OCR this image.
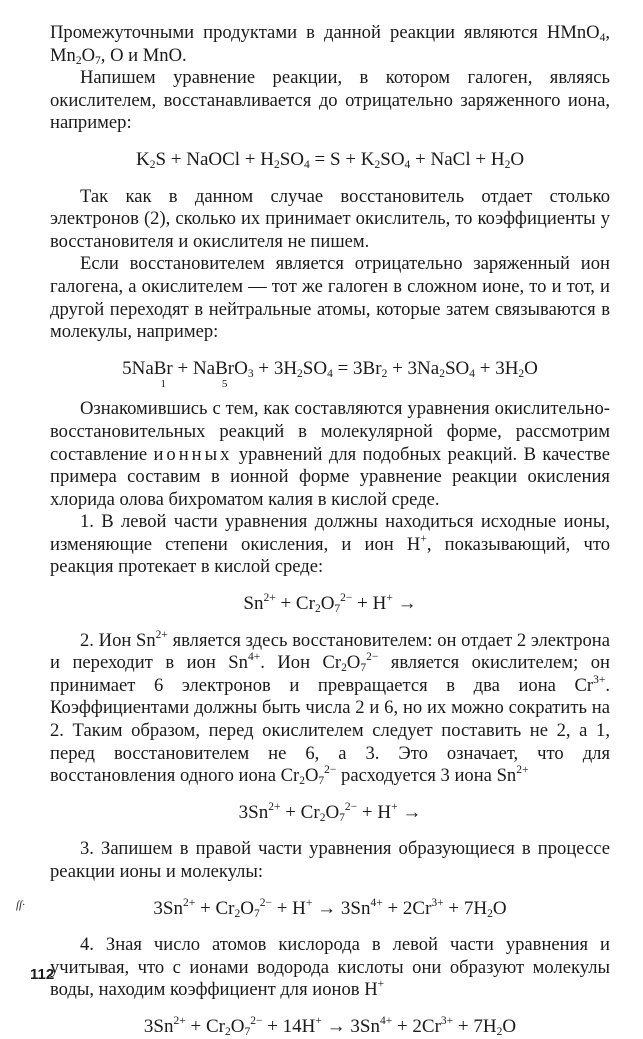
Промежуточными продуктами в данной реакции являются HMnO$_4$, $Mn_2O_7$, O и MnO.

Напишем уравнение реакции, в котором галоген, являясь окислителем, восстанавливается до отрицательно заряженного иона, например:

$K_2S$ + NaOCl + $H_2SO_4 = S + K_2SO_4$ + NaCl + $H_2O$

Так как в данном случае восстановитель отдает столько электронов (2), сколько их принимает окислитель, то коэффициенты у восстановителя и окислителя не пишем.

Если восстановителем является отрицательно заряженный ион галогена, а окислителем — тот же галоген в сложном ионе, то и тот, и другой переходят в нейтральные атомы, которые затем связываются в молекулы, например:

5NaBr
1
+ NaBr
5
$O_3 + 3H_2SO_4 = 3Br_2 + 3Na_2SO_4 + 3H_2O$

Ознакомившись с тем, как составляются уравнения окислительно-восстановительных реакций в молекулярной форме, рассмотрим составление ионных уравнений для подобных реакций. В качестве примера составим в ионной форме уравнение реакции окисления хлорида олова бихроматом калия в кислой среде.

1. В левой части уравнения должны находиться исходные ионы, изменяющие степени окисления, и ион H+, показывающий, что реакция протекает в кислой среде:

$Sn^{2+} + Cr_2O_7^{2-} + H^+$ →

2. Ион $Sn^{2+}$ является здесь восстановителем: он отдает 2 электрона и переходит в ион $Sn^{4+}$. Ион $Cr_2O_7^{2-}$ является окислителем; он принимает 6 электронов и превращается в два иона $Cr^{3+}$. Коэффициентами должны быть числа 2 и 6, но их можно сократить на 2. Таким образом, перед окислителем следует поставить не 2, а 1, перед восстановителем не 6, а 3. Это означает, что для восстановления одного иона $Cr_2O_7^{2-}$ расходуется 3 иона $Sn^{2+}$

$3Sn^{2+} + Cr_2O_7^{2-} + H^+$ →

3. Запишем в правой части уравнения образующиеся в процессе реакции ионы и молекулы:

ſſ·	$3Sn^{2+} + Cr_2O_7^{2-} + H^+ \to 3Sn^{4+} + 2Cr^{3+} + 7H_2O$

4. Зная число атомов кислорода в левой части уравнения и учитывая, что с ионами водорода кислоты они образуют молекулы воды, находим коэффициент для ионов H+

$3Sn^{2+} + Cr_2O_7^{2-} + 14H^+ \to 3Sn^{4+} + 2Cr^{3+} + 7H_2O$

112
